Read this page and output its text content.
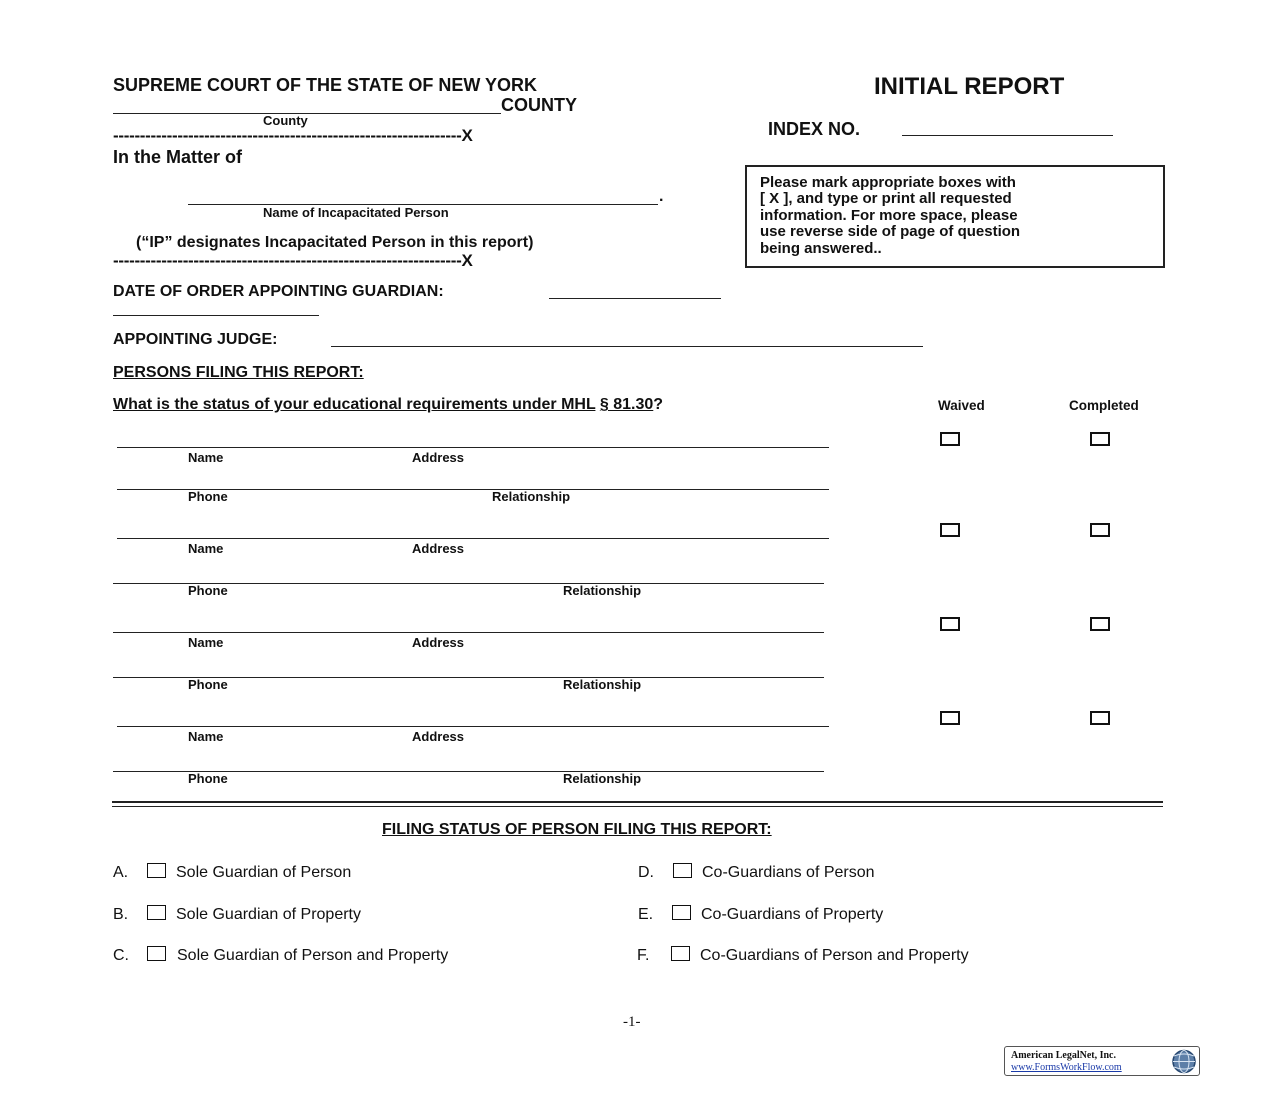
SUPREME COURT OF THE STATE OF NEW YORK
COUNTY
County
-----------------------------------------------------------------X
In the Matter of
.
Name of Incapacitated Person
(“IP” designates Incapacitated Person in this report)
-----------------------------------------------------------------X
INITIAL REPORT
INDEX NO.
Please mark appropriate boxes with
[ X ], and type or print all requested
information. For more space, please
use reverse side of page of question
being answered..
DATE OF ORDER APPOINTING GUARDIAN:
APPOINTING JUDGE:
PERSONS FILING THIS REPORT:
What is the status of your educational requirements under MHL § 81.30?	Waived	Completed
Name	Address
Phone	Relationship
Name	Address
Phone	Relationship
Name	Address
Phone	Relationship
Name	Address
Phone	Relationship
FILING STATUS OF PERSON FILING THIS REPORT:
A.	Sole Guardian of Person
B.	Sole Guardian of Property
C.	Sole Guardian of Person and Property
D.	Co-Guardians of Person
E.	Co-Guardians of Property
F.	Co-Guardians of Person and Property
-1-
American LegalNet, Inc.
www.FormsWorkFlow.com
